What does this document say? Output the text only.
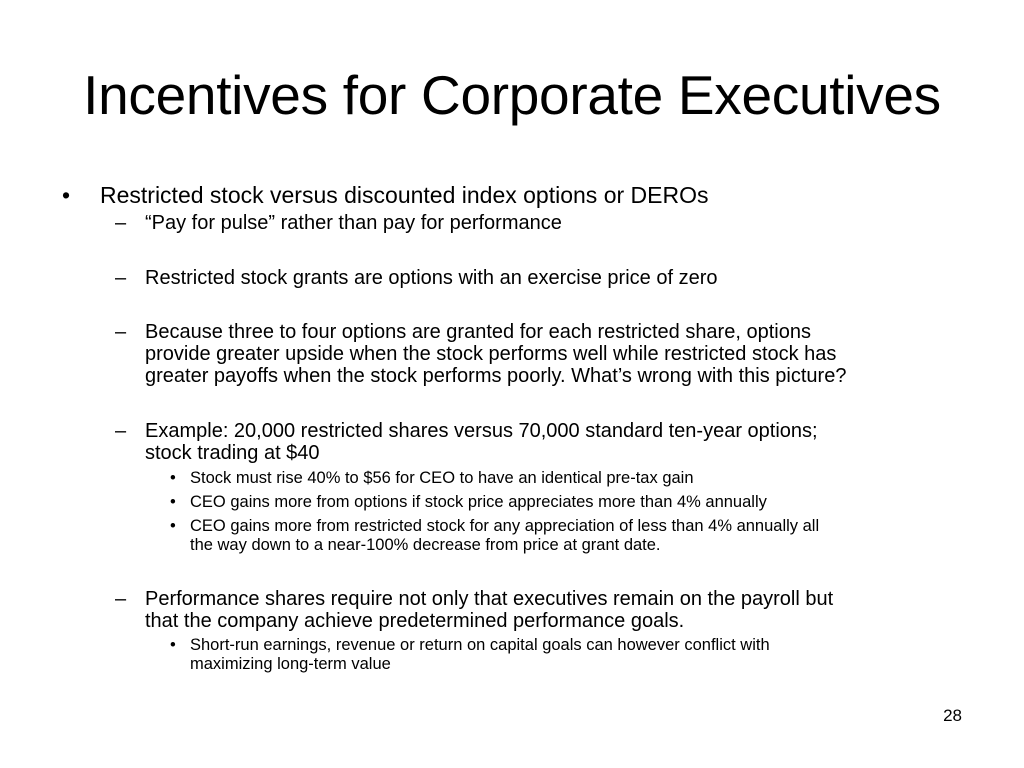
Incentives for Corporate Executives
• Restricted stock versus discounted index options or DEROs
– “Pay for pulse” rather than pay for performance
– Restricted stock grants are options with an exercise price of zero
– Because three to four options are granted for each restricted share, options
provide greater upside when the stock performs well while restricted stock has
greater payoffs when the stock performs poorly. What’s wrong with this picture?
– Example: 20,000 restricted shares versus 70,000 standard ten-year options;
stock trading at $40
• Stock must rise 40% to $56 for CEO to have an identical pre-tax gain
• CEO gains more from options if stock price appreciates more than 4% annually
• CEO gains more from restricted stock for any appreciation of less than 4% annually all
the way down to a near-100% decrease from price at grant date.
– Performance shares require not only that executives remain on the payroll but
that the company achieve predetermined performance goals.
• Short-run earnings, revenue or return on capital goals can however conflict with
maximizing long-term value
28
